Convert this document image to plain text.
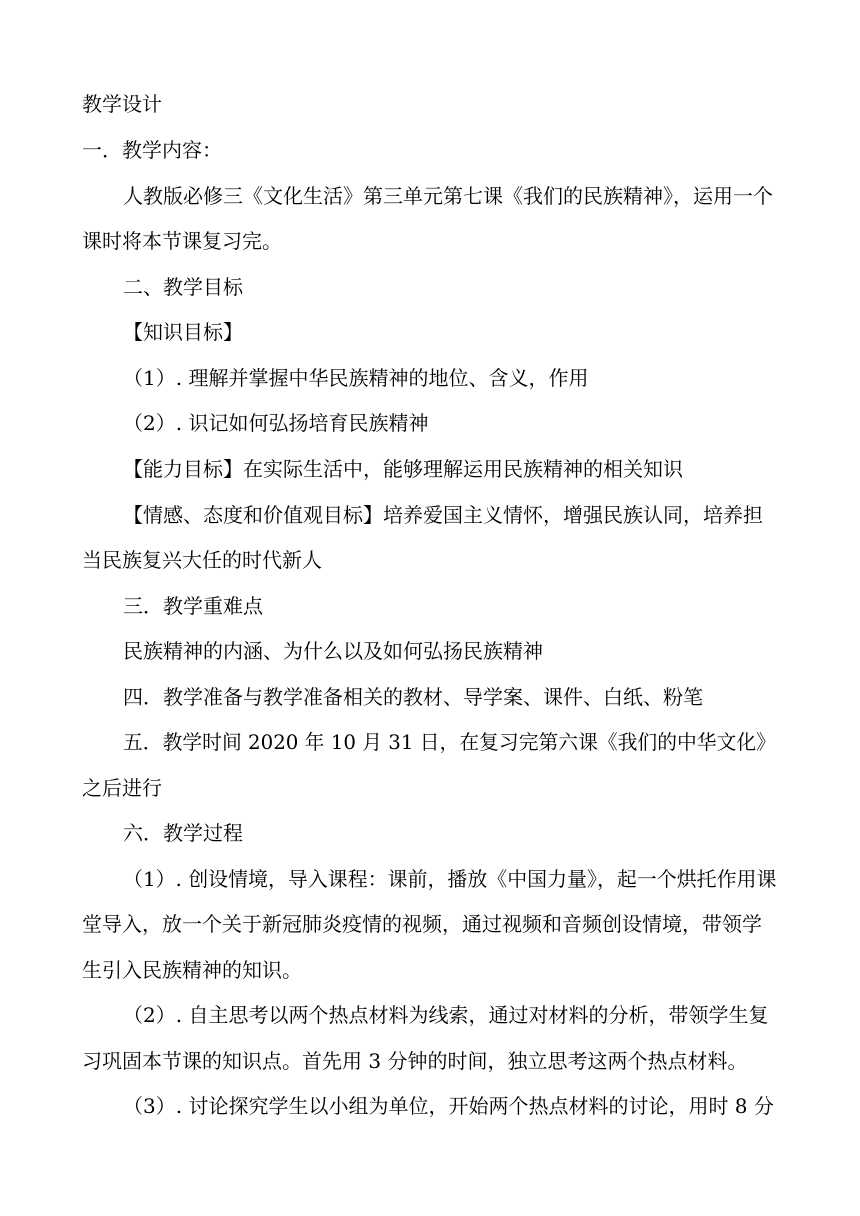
教学设计
一．教学内容：
人教版必修三《文化生活》第三单元第七课《我们的民族精神》，运用一个
课时将本节课复习完。
二、教学目标
【知识目标】
（1）. 理解并掌握中华民族精神的地位、含义，作用
（2）. 识记如何弘扬培育民族精神
【能力目标】在实际生活中，能够理解运用民族精神的相关知识
【情感、态度和价值观目标】培养爱国主义情怀，增强民族认同，培养担
当民族复兴大任的时代新人
三．教学重难点
民族精神的内涵、为什么以及如何弘扬民族精神
四．教学准备与教学准备相关的教材、导学案、课件、白纸、粉笔
五．教学时间 2020 年 10 月 31 日，在复习完第六课《我们的中华文化》
之后进行
六．教学过程
（1）. 创设情境，导入课程：课前，播放《中国力量》，起一个烘托作用课
堂导入，放一个关于新冠肺炎疫情的视频，通过视频和音频创设情境，带领学
生引入民族精神的知识。
（2）. 自主思考以两个热点材料为线索，通过对材料的分析，带领学生复
习巩固本节课的知识点。首先用 3 分钟的时间，独立思考这两个热点材料。
（3）. 讨论探究学生以小组为单位，开始两个热点材料的讨论，用时 8 分
